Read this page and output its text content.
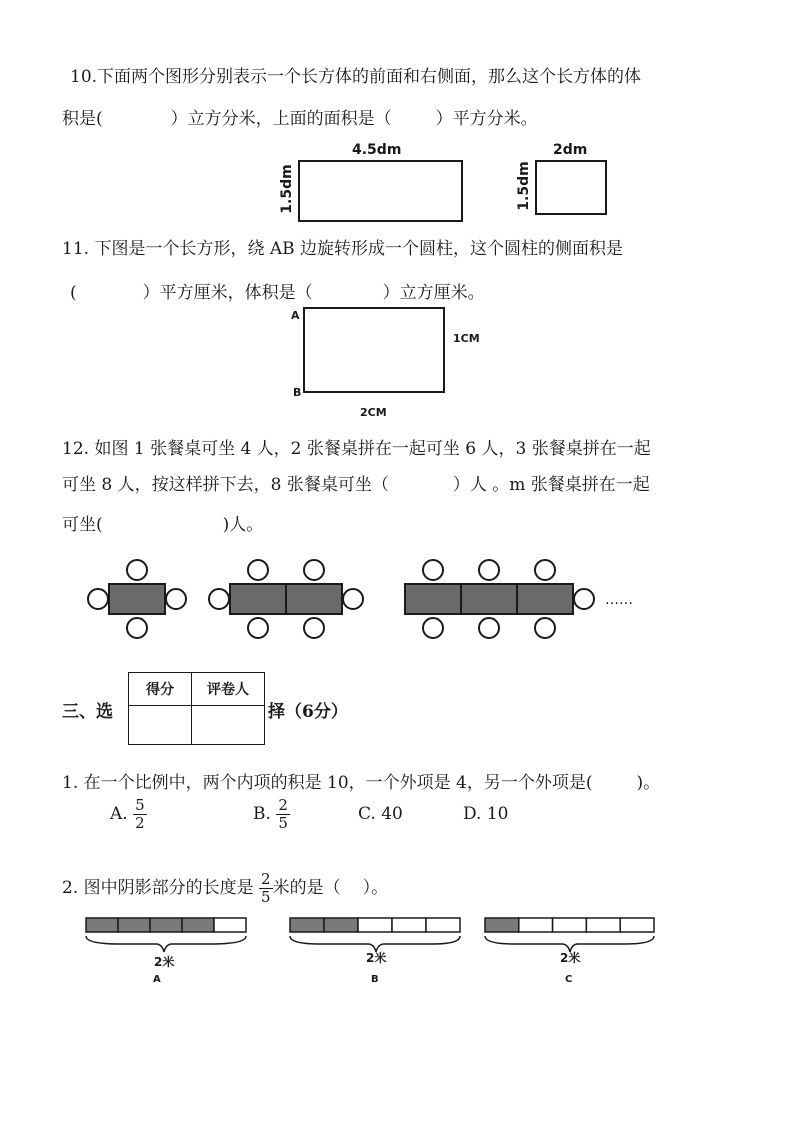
10.下面两个图形分别表示一个长方体的前面和右侧面，那么这个长方体的体
积是(	）立方分米，上面的面积是（	）平方分米。
4.5dm
1.5dm
2dm
1.5dm
11. 下图是一个长方形，绕 AB 边旋转形成一个圆柱，这个圆柱的侧面积是
(	）平方厘米，体积是（	）立方厘米。
A
B
1CM
2CM
12. 如图 1 张餐桌可坐 4 人，2 张餐桌拼在一起可坐 6 人，3 张餐桌拼在一起
可坐 8 人，按这样拼下去，8 张餐桌可坐（	）人 。m 张餐桌拼在一起
可坐(	)人。
……
三、选
得分	评卷人

择（6分）
1. 在一个比例中，两个内项的积是 10，一个外项是 4，另一个外项是(	)。
A. $\frac{5}{2}$	B. $\frac{2}{5}$	C. 40	D. 10
2. 图中阴影部分的长度是 $\frac{2}{5}$ 米的是（ ）。
2米
A
2米
B
2米
C
